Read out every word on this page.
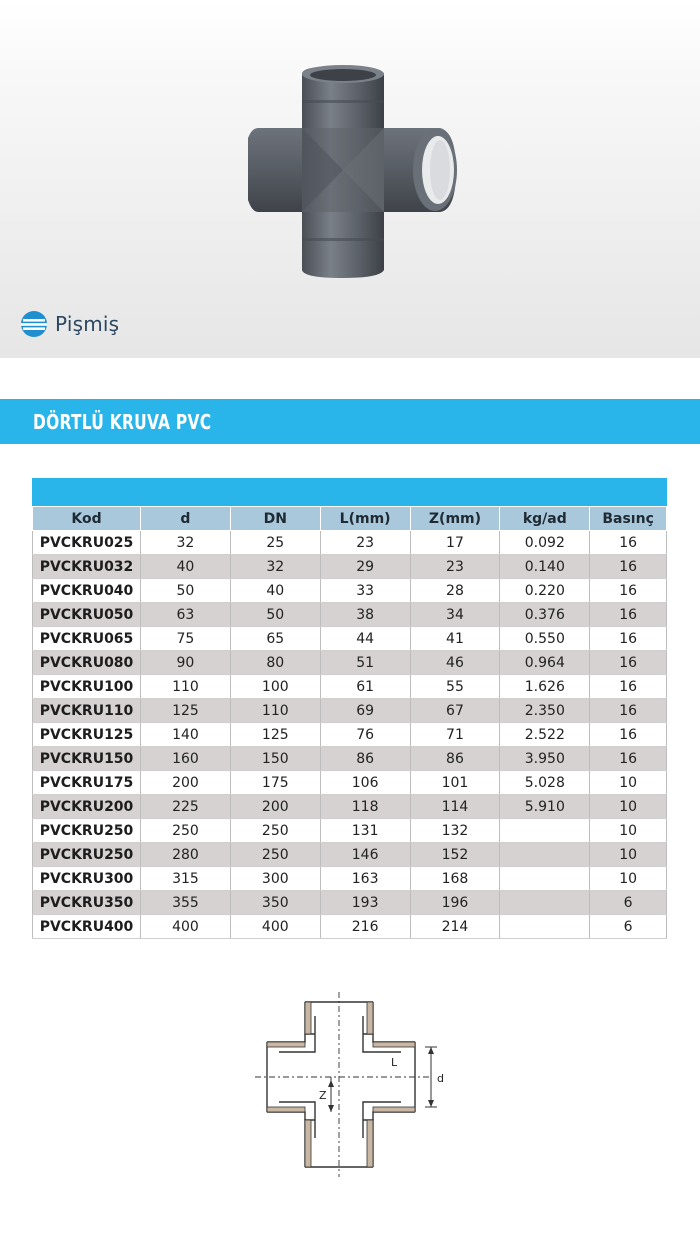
Pişmiş
DÖRTLÜ KRUVA PVC
Kod	d	DN	L(mm)	Z(mm)	kg/ad	Basınç
PVCKRU025	32	25	23	17	0.092	16
PVCKRU032	40	32	29	23	0.140	16
PVCKRU040	50	40	33	28	0.220	16
PVCKRU050	63	50	38	34	0.376	16
PVCKRU065	75	65	44	41	0.550	16
PVCKRU080	90	80	51	46	0.964	16
PVCKRU100	110	100	61	55	1.626	16
PVCKRU110	125	110	69	67	2.350	16
PVCKRU125	140	125	76	71	2.522	16
PVCKRU150	160	150	86	86	3.950	16
PVCKRU175	200	175	106	101	5.028	10
PVCKRU200	225	200	118	114	5.910	10
PVCKRU250	250	250	131	132		10
PVCKRU250	280	250	146	152		10
PVCKRU300	315	300	163	168		10
PVCKRU350	355	350	193	196		6
PVCKRU400	400	400	216	214		6
L
d
Z
